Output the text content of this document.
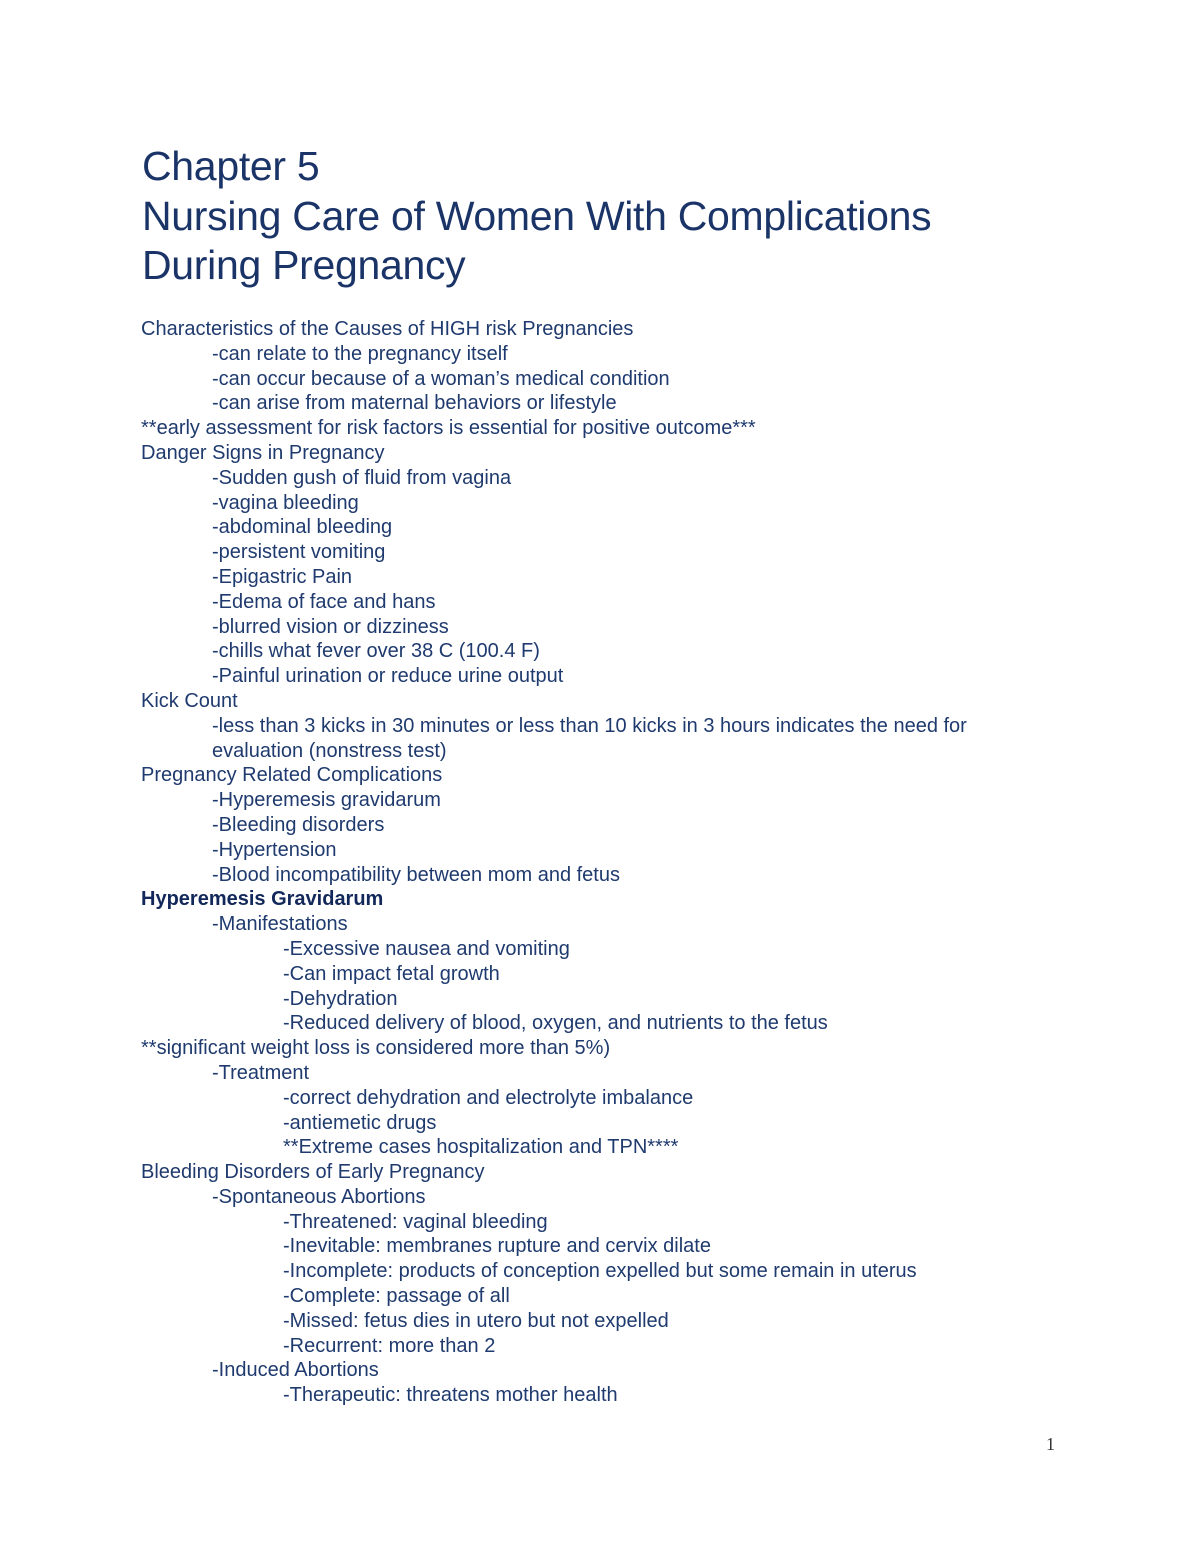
Chapter 5
Nursing Care of Women With Complications
During Pregnancy
Characteristics of the Causes of HIGH risk Pregnancies
-can relate to the pregnancy itself
-can occur because of a woman’s medical condition
-can arise from maternal behaviors or lifestyle
**early assessment for risk factors is essential for positive outcome***
Danger Signs in Pregnancy
-Sudden gush of fluid from vagina
-vagina bleeding
-abdominal bleeding
-persistent vomiting
-Epigastric Pain
-Edema of face and hans
-blurred vision or dizziness
-chills what fever over 38 C (100.4 F)
-Painful urination or reduce urine output
Kick Count
-less than 3 kicks in 30 minutes or less than 10 kicks in 3 hours indicates the need for evaluation (nonstress test)
Pregnancy Related Complications
-Hyperemesis gravidarum
-Bleeding disorders
-Hypertension
-Blood incompatibility between mom and fetus
Hyperemesis Gravidarum
-Manifestations
-Excessive nausea and vomiting
-Can impact fetal growth
-Dehydration
-Reduced delivery of blood, oxygen, and nutrients to the fetus
**significant weight loss is considered more than 5%)
-Treatment
-correct dehydration and electrolyte imbalance
-antiemetic drugs
**Extreme cases hospitalization and TPN****
Bleeding Disorders of Early Pregnancy
-Spontaneous Abortions
-Threatened: vaginal bleeding
-Inevitable: membranes rupture and cervix dilate
-Incomplete: products of conception expelled but some remain in uterus
-Complete: passage of all
-Missed: fetus dies in utero but not expelled
-Recurrent: more than 2
-Induced Abortions
-Therapeutic: threatens mother health
1
